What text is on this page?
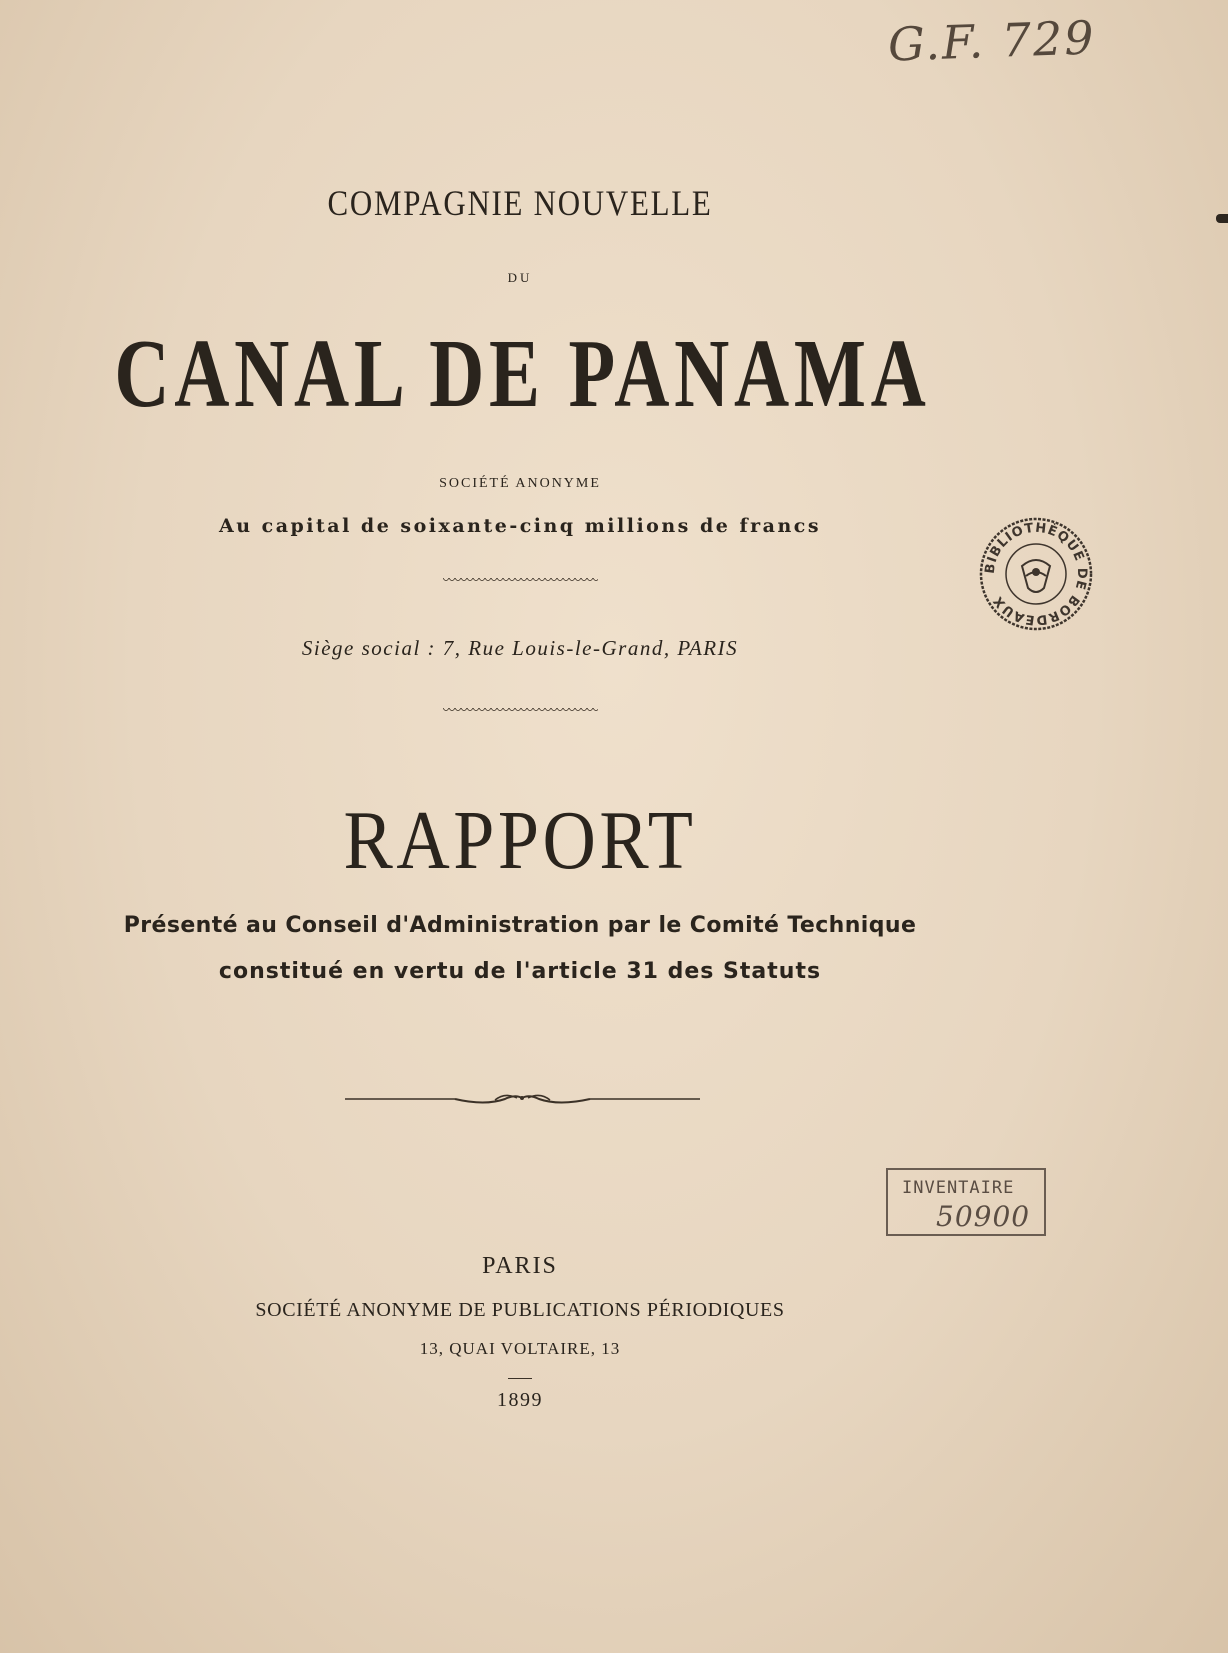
G.F. 729
COMPAGNIE NOUVELLE
DU
CANAL DE PANAMA
SOCIÉTÉ ANONYME
Au capital de soixante-cinq millions de francs
Siège social : 7, Rue Louis-le-Grand, PARIS
RAPPORT
Présenté au Conseil d'Administration par le Comité Technique
constitué en vertu de l'article 31 des Statuts
BIBLIOTHÈQUE DE BORDEAUX
INVENTAIRE
50900
PARIS
SOCIÉTÉ ANONYME DE PUBLICATIONS PÉRIODIQUES
13, QUAI VOLTAIRE, 13
1899
